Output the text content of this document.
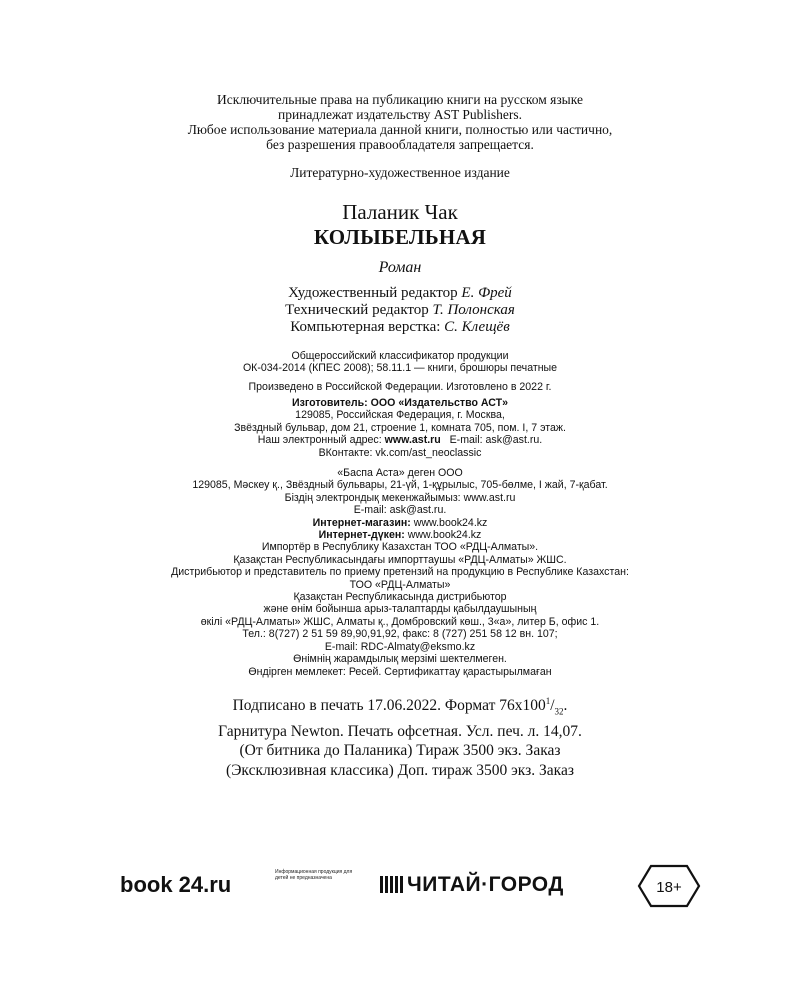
Исключительные права на публикацию книги на русском языке
принадлежат издательству AST Publishers.
Любое использование материала данной книги, полностью или частично,
без разрешения правообладателя запрещается.
Литературно-художественное издание
Паланик Чак
КОЛЫБЕЛЬНАЯ
Роман
Художественный редактор Е. Фрей
Технический редактор Т. Полонская
Компьютерная верстка: С. Клещёв
Общероссийский классификатор продукции
ОК-034-2014 (КПЕС 2008); 58.11.1 — книги, брошюры печатные
Произведено в Российской Федерации. Изготовлено в 2022 г.
Изготовитель: ООО «Издательство АСТ»
129085, Российская Федерация, г. Москва,
Звёздный бульвар, дом 21, строение 1, комната 705, пом. I, 7 этаж.
Наш электронный адрес: www.ast.ru E-mail: ask@ast.ru.
ВКонтакте: vk.com/ast_neoclassic
«Баспа Аста» деген ООО
129085, Мәскеу қ., Звёздный бульвары, 21-үй, 1-құрылыс, 705-бөлме, I жай, 7-қабат.
Біздің электрондық мекенжайымыз: www.ast.ru
E-mail: ask@ast.ru.
Интернет-магазин: www.book24.kz
Интернет-дүкен: www.book24.kz
Импортёр в Республику Казахстан ТОО «РДЦ-Алматы».
Қазақстан Республикасындағы импорттаушы «РДЦ-Алматы» ЖШС.
Дистрибьютор и представитель по приему претензий на продукцию в Республике Казахстан:
ТОО «РДЦ-Алматы»
Қазақстан Республикасында дистрибьютор
және өнім бойынша арыз-талаптарды қабылдаушының
өкілі «РДЦ-Алматы» ЖШС, Алматы қ., Домбровский көш., 3«а», литер Б, офис 1.
Тел.: 8(727) 2 51 59 89,90,91,92, факс: 8 (727) 251 58 12 вн. 107;
E-mail: RDC-Almaty@eksmo.kz
Өнімнің жарамдылық мерзімі шектелмеген.
Өндірген мемлекет: Ресей. Сертификаттау қарастырылмаған
Подписано в печать 17.06.2022. Формат $76x100^1/_{32}$.
Гарнитура Newton. Печать офсетная. Усл. печ. л. 14,07.
(От битника до Паланика) Тираж 3500 экз. Заказ
(Эксклюзивная классика) Доп. тираж 3500 экз. Заказ
book 24.ru	Информационная продукция для детей не предназначена	ЧИТАЙ·ГОРОД	18+
